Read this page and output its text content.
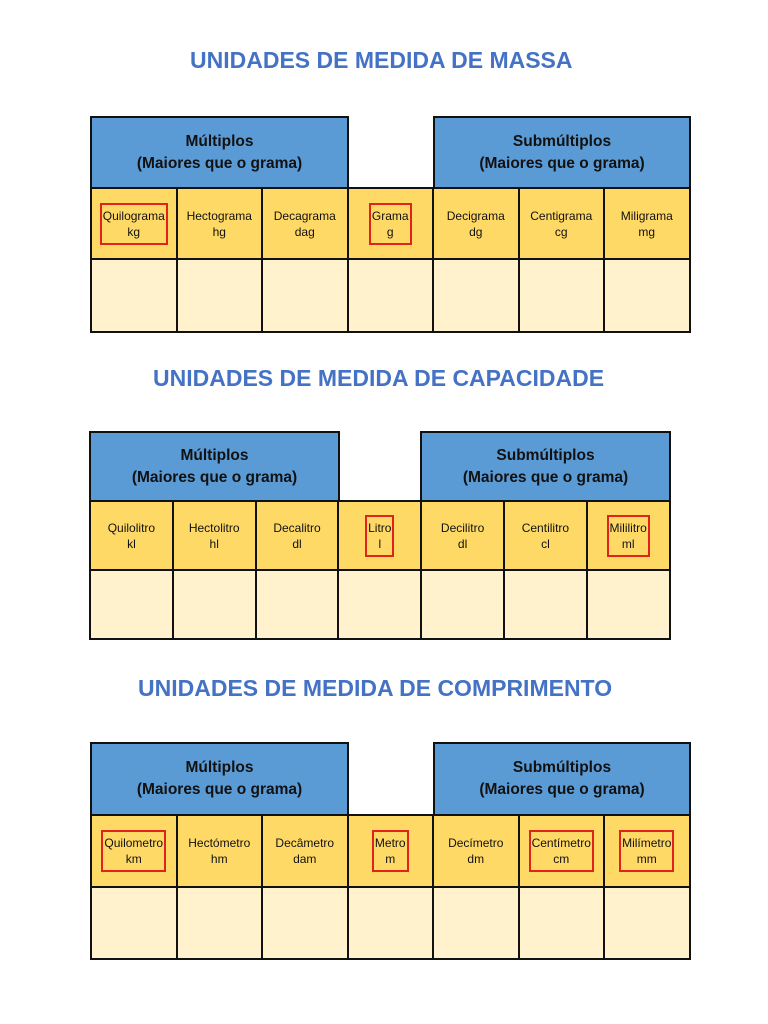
UNIDADES DE MEDIDA DE MASSA
Múltiplos
(Maiores que o grama)
Submúltiplos
(Maiores que o grama)
Quilograma
kg
Hectograma
hg
Decagrama
dag
Grama
g
Decigrama
dg
Centigrama
cg
Miligrama
mg
UNIDADES DE MEDIDA DE CAPACIDADE
Múltiplos
(Maiores que o grama)
Submúltiplos
(Maiores que o grama)
Quilolitro
kl
Hectolitro
hl
Decalitro
dl
Litro
l
Decilitro
dl
Centilitro
cl
Mililitro
ml
UNIDADES DE MEDIDA DE COMPRIMENTO
Múltiplos
(Maiores que o grama)
Submúltiplos
(Maiores que o grama)
Quilometro
km
Hectómetro
hm
Decâmetro
dam
Metro
m
Decímetro
dm
Centímetro
cm
Milímetro
mm
